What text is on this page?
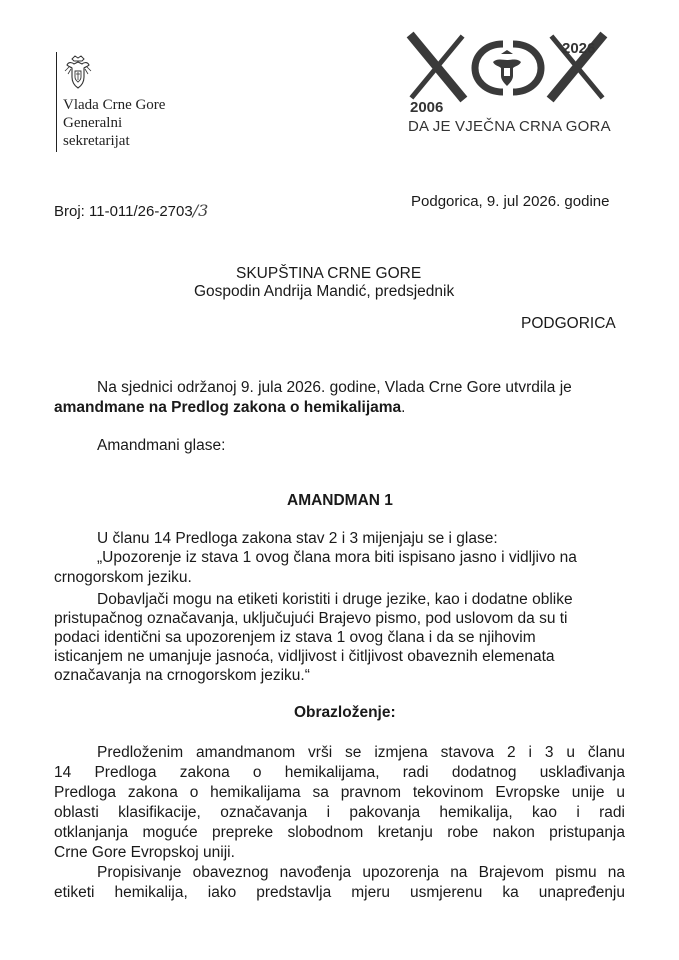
Vlada Crne Gore
Generalni
sekretarijat
2026
2006
DA JE VJEČNA CRNA GORA
Broj: 11-011/26-2703/3	Podgorica, 9. jul 2026. godine
SKUPŠTINA CRNE GORE
Gospodin Andrija Mandić, predsjednik
PODGORICA
Na sjednici održanoj 9. jula 2026. godine, Vlada Crne Gore utvrdila je
amandmane na Predlog zakona o hemikalijama.
Amandmani glase:
AMANDMAN 1
U članu 14 Predloga zakona stav 2 i 3 mijenjaju se i glase:
„Upozorenje iz stava 1 ovog člana mora biti ispisano jasno i vidljivo na
crnogorskom jeziku.
Dobavljači mogu na etiketi koristiti i druge jezike, kao i dodatne oblike
pristupačnog označavanja, uključujući Brajevo pismo, pod uslovom da su ti
podaci identični sa upozorenjem iz stava 1 ovog člana i da se njihovim
isticanjem ne umanjuje jasnoća, vidljivost i čitljivost obaveznih elemenata
označavanja na crnogorskom jeziku.“
Obrazloženje:
Predloženim amandmanom vrši se izmjena stavova 2 i 3 u članu
14 Predloga zakona o hemikalijama, radi dodatnog usklađivanja
Predloga zakona o hemikalijama sa pravnom tekovinom Evropske unije u
oblasti klasifikacije, označavanja i pakovanja hemikalija, kao i radi
otklanjanja moguće prepreke slobodnom kretanju robe nakon pristupanja
Crne Gore Evropskoj uniji.
Propisivanje obaveznog navođenja upozorenja na Brajevom pismu na
etiketi hemikalija, iako predstavlja mjeru usmjerenu ka unapređenju
